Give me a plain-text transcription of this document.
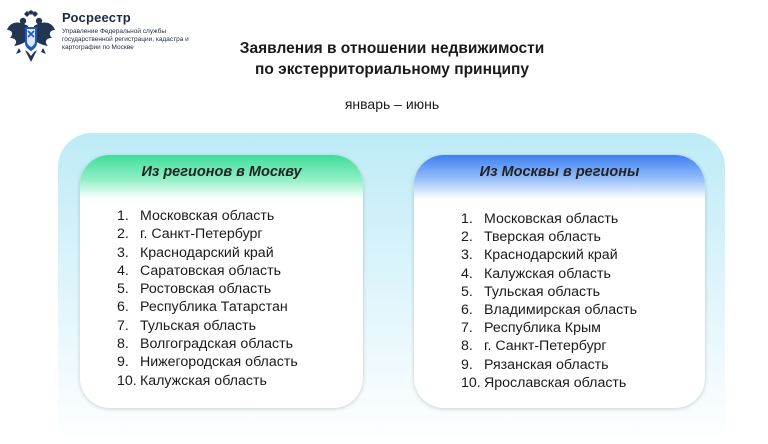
Росреестр
Управление Федеральной службы государственной регистрации, кадастра и картографии по Москве	Заявления в отношении недвижимости
по экстерриториальному принципу
январь – июнь
Из регионов в Москву
1. Московская область
2. г. Санкт-Петербург
3. Краснодарский край
4. Саратовская область
5. Ростовская область
6. Республика Татарстан
7. Тульская область
8. Волгоградская область
9. Нижегородская область
10. Калужская область
Из Москвы в регионы
1. Московская область
2. Тверская область
3. Краснодарский край
4. Калужская область
5. Тульская область
6. Владимирская область
7. Республика Крым
8. г. Санкт-Петербург
9. Рязанская область
10. Ярославская область
